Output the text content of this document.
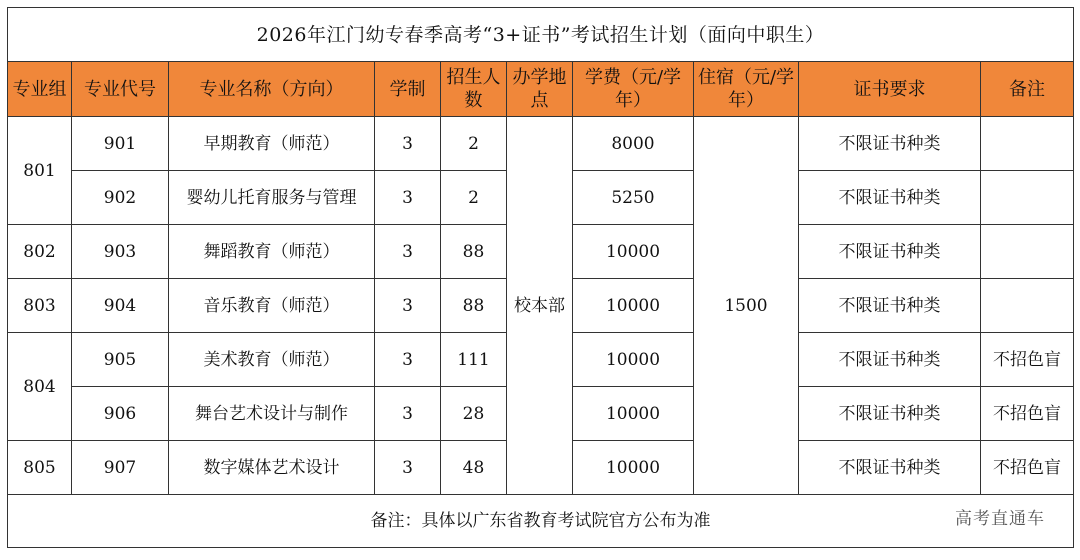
2026年江门幼专春季高考“3+证书”考试招生计划（面向中职生）									
专业组	专业代号	专业名称（方向）	学制	招生人数	办学地点	学费（元/学年）	住宿（元/学年）	证书要求	备注
801	901	早期教育（师范）	3	2	校本部	8000	1500	不限证书种类	
	902	婴幼儿托育服务与管理	3	2		5250		不限证书种类	
802	903	舞蹈教育（师范）	3	88		10000		不限证书种类	
803	904	音乐教育（师范）	3	88		10000		不限证书种类	
804	905	美术教育（师范）	3	111		10000		不限证书种类	不招色盲
	906	舞台艺术设计与制作	3	28		10000		不限证书种类	不招色盲
805	907	数字媒体艺术设计	3	48		10000		不限证书种类	不招色盲
备注：具体以广东省教育考试院官方公布为准										高考直通车
